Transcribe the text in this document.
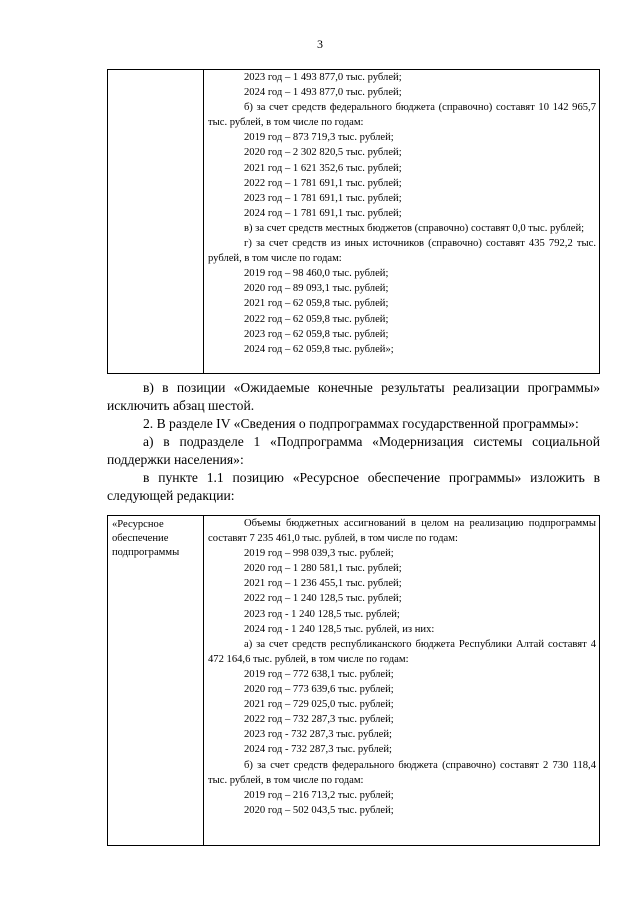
3

2023 год – 1 493 877,0 тыс. рублей;
2024 год – 1 493 877,0 тыс. рублей;
б) за счет средств федерального бюджета (справочно) составят 10 142 965,7 тыс. рублей, в том числе по годам:
2019 год – 873 719,3 тыс. рублей;
2020 год – 2 302 820,5 тыс. рублей;
2021 год – 1 621 352,6 тыс. рублей;
2022 год – 1 781 691,1 тыс. рублей;
2023 год – 1 781 691,1 тыс. рублей;
2024 год – 1 781 691,1 тыс. рублей;
в) за счет средств местных бюджетов (справочно) составят 0,0 тыс. рублей;
г) за счет средств из иных источников (справочно) составят 435 792,2 тыс. рублей, в том числе по годам:
2019 год – 98 460,0 тыс. рублей;
2020 год – 89 093,1 тыс. рублей;
2021 год – 62 059,8 тыс. рублей;
2022 год – 62 059,8 тыс. рублей;
2023 год – 62 059,8 тыс. рублей;
2024 год – 62 059,8 тыс. рублей»;

в) в позиции «Ожидаемые конечные результаты реализации программы» исключить абзац шестой.

2. В разделе IV «Сведения о подпрограммах государственной программы»:

а) в подразделе 1 «Подпрограмма «Модернизация системы социальной поддержки населения»:

в пункте 1.1 позицию «Ресурсное обеспечение программы» изложить в следующей редакции:

«Ресурсное обеспечение подпрограммы	
Объемы бюджетных ассигнований в целом на реализацию подпрограммы составят 7 235 461,0 тыс. рублей, в том числе по годам:
2019 год – 998 039,3 тыс. рублей;
2020 год – 1 280 581,1 тыс. рублей;
2021 год – 1 236 455,1 тыс. рублей;
2022 год – 1 240 128,5 тыс. рублей;
2023 год - 1 240 128,5 тыс. рублей;
2024 год - 1 240 128,5 тыс. рублей, из них:
а) за счет средств республиканского бюджета Республики Алтай составят 4 472 164,6 тыс. рублей, в том числе по годам:
2019 год – 772 638,1 тыс. рублей;
2020 год – 773 639,6 тыс. рублей;
2021 год – 729 025,0 тыс. рублей;
2022 год – 732 287,3 тыс. рублей;
2023 год - 732 287,3 тыс. рублей;
2024 год - 732 287,3 тыс. рублей;
б) за счет средств федерального бюджета (справочно) составят 2 730 118,4 тыс. рублей, в том числе по годам:
2019 год – 216 713,2 тыс. рублей;
2020 год – 502 043,5 тыс. рублей;
